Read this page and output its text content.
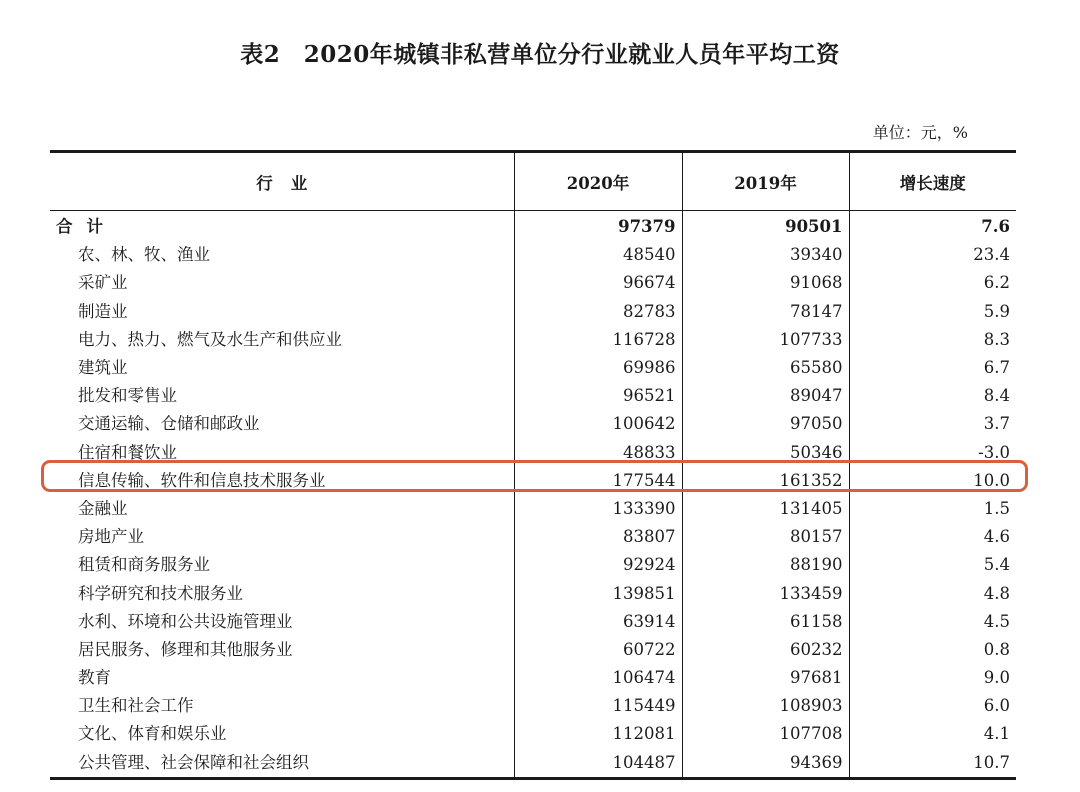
表2　2020年城镇非私营单位分行业就业人员年平均工资
单位：元，%
行业	2020年	2019年	增长速度
合计	97379	90501	7.6
农、林、牧、渔业	48540	39340	23.4
采矿业	96674	91068	6.2
制造业	82783	78147	5.9
电力、热力、燃气及水生产和供应业	116728	107733	8.3
建筑业	69986	65580	6.7
批发和零售业	96521	89047	8.4
交通运输、仓储和邮政业	100642	97050	3.7
住宿和餐饮业	48833	50346	-3.0
信息传输、软件和信息技术服务业	177544	161352	10.0
金融业	133390	131405	1.5
房地产业	83807	80157	4.6
租赁和商务服务业	92924	88190	5.4
科学研究和技术服务业	139851	133459	4.8
水利、环境和公共设施管理业	63914	61158	4.5
居民服务、修理和其他服务业	60722	60232	0.8
教育	106474	97681	9.0
卫生和社会工作	115449	108903	6.0
文化、体育和娱乐业	112081	107708	4.1
公共管理、社会保障和社会组织	104487	94369	10.7
